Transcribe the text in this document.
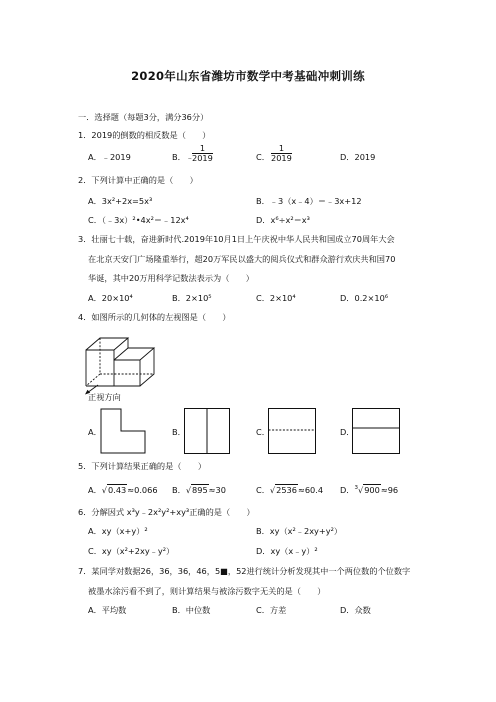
2020年山东省潍坊市数学中考基础冲刺训练
一．选择题（每题3分，满分36分）
1．2019的倒数的相反数是（　　）
A．﹣2019	B．﹣
$\frac{1}{2019}$	C． $\frac{1}{2019}$	D．2019
2．下列计算中正确的是（　　）
A．3x²+2x=5x³	B．﹣3（x﹣4）＝﹣3x+12
C．（﹣3x）²•4x²＝﹣12x⁴	D．x⁶÷x²＝x³
3．壮丽七十载，奋进新时代.2019年10月1日上午庆祝中华人民共和国成立70周年大会
在北京天安门广场隆重举行，超20万军民以盛大的阅兵仪式和群众游行欢庆共和国70
华诞，其中20万用科学记数法表示为（　　）
A．20×10⁴	B．2×10⁵	C．2×10⁴	D．0.2×10⁶
4．如图所示的几何体的左视图是（　　）
正视方向
A．	B．	C．	D．
5．下列计算结果正确的是（　　）
A．√0.43≈0.066 B．√895≈30	C．√2536≈60.4 D．$^3$√900≈96
6．分解因式 x³y﹣2x²y²+xy³正确的是（　　）
A．xy（x+y）²	B．xy（x²﹣2xy+y²）
C．xy（x²+2xy﹣y²）	D．xy（x﹣y）²
7．某同学对数据26，36，36，46，5■，52进行统计分析发现其中一个两位数的个位数字
被墨水涂污看不到了，则计算结果与被涂污数字无关的是（　　）
A．平均数	B．中位数	C．方差	D．众数
